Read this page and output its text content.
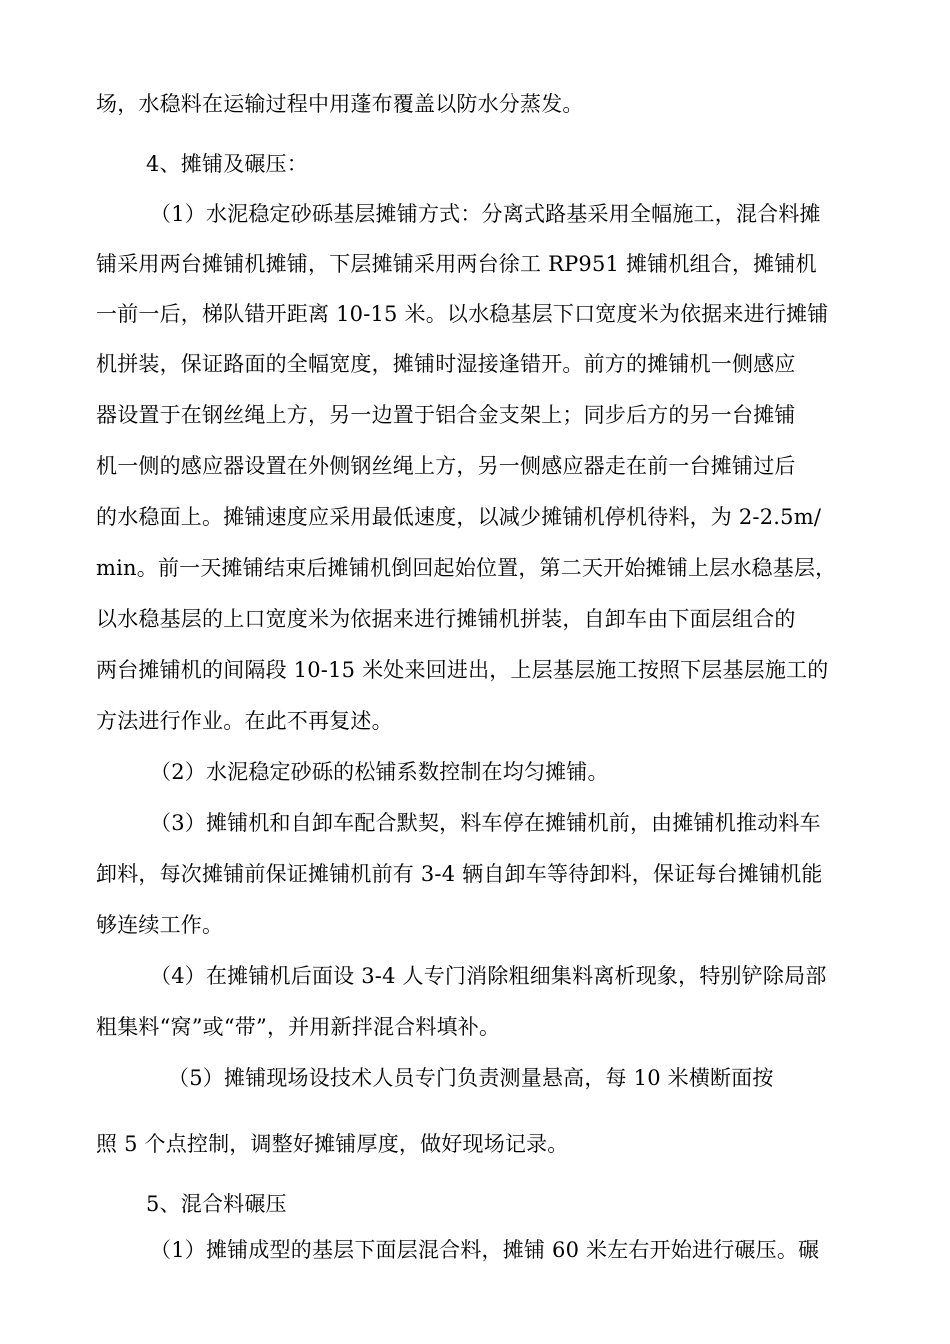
场，水稳料在运输过程中用蓬布覆盖以防水分蒸发。
4、摊铺及碾压：
（1）水泥稳定砂砾基层摊铺方式：分离式路基采用全幅施工，混合料摊
铺采用两台摊铺机摊铺，下层摊铺采用两台徐工 RP951 摊铺机组合，摊铺机
一前一后，梯队错开距离 10-15 米。以水稳基层下口宽度米为依据来进行摊铺
机拼装，保证路面的全幅宽度，摊铺时湿接逢错开。前方的摊铺机一侧感应
器设置于在钢丝绳上方，另一边置于铝合金支架上；同步后方的另一台摊铺
机一侧的感应器设置在外侧钢丝绳上方，另一侧感应器走在前一台摊铺过后
的水稳面上。摊铺速度应采用最低速度，以减少摊铺机停机待料，为 2-2.5m/
min。前一天摊铺结束后摊铺机倒回起始位置，第二天开始摊铺上层水稳基层，
以水稳基层的上口宽度米为依据来进行摊铺机拼装，自卸车由下面层组合的
两台摊铺机的间隔段 10-15 米处来回进出，上层基层施工按照下层基层施工的
方法进行作业。在此不再复述。
（2）水泥稳定砂砾的松铺系数控制在均匀摊铺。
（3）摊铺机和自卸车配合默契，料车停在摊铺机前，由摊铺机推动料车
卸料，每次摊铺前保证摊铺机前有 3-4 辆自卸车等待卸料，保证每台摊铺机能
够连续工作。
（4）在摊铺机后面设 3-4 人专门消除粗细集料离析现象，特别铲除局部
粗集料“窝”或“带”，并用新拌混合料填补。
（5）摊铺现场设技术人员专门负责测量悬高，每 10 米横断面按
照 5 个点控制，调整好摊铺厚度，做好现场记录。
5、混合料碾压
（1）摊铺成型的基层下面层混合料，摊铺 60 米左右开始进行碾压。碾
